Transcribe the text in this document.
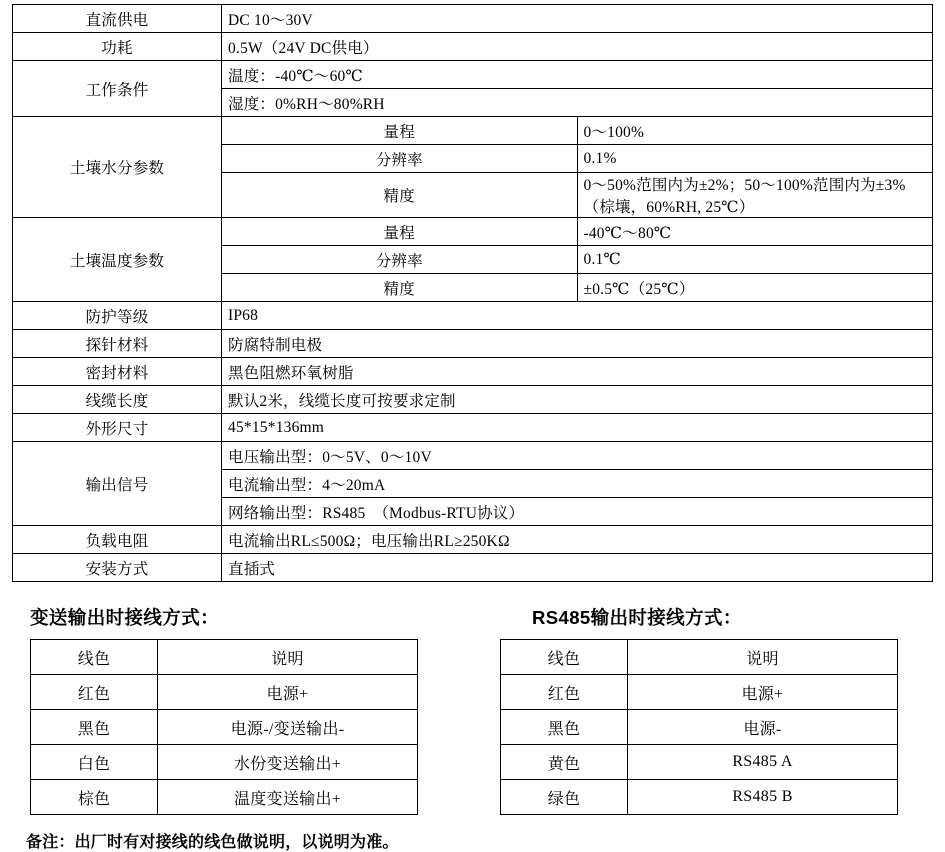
直流供电	DC 10～30V	
功耗	0.5W（24V DC供电）	
工作条件	温度：-40℃～60℃	
	湿度：0%RH～80%RH	
土壤水分参数	量程	0～100%
	分辨率	0.1%
	精度	0～50%范围内为±2%；50～100%范围内为±3%（棕壤，60%RH, 25℃）
土壤温度参数	量程	-40℃～80℃
	分辨率	0.1℃
	精度	±0.5℃（25℃）
防护等级	IP68	
探针材料	防腐特制电极	
密封材料	黑色阻燃环氧树脂	
线缆长度	默认2米，线缆长度可按要求定制	
外形尺寸	45*15*136mm	
输出信号	电压输出型：0～5V、0～10V	
	电流输出型：4～20mA	
	网络输出型：RS485　（Modbus-RTU协议）	
负载电阻	电流输出RL≤500Ω；电压输出RL≥250KΩ	
安装方式	直插式	
变送输出时接线方式：
线色	说明
红色	电源+
黑色	电源-/变送输出-
白色	水份变送输出+
棕色	温度变送输出+
RS485输出时接线方式：
线色	说明
红色	电源+
黑色	电源-
黄色	RS485 A
绿色	RS485 B
备注：出厂时有对接线的线色做说明，以说明为准。
